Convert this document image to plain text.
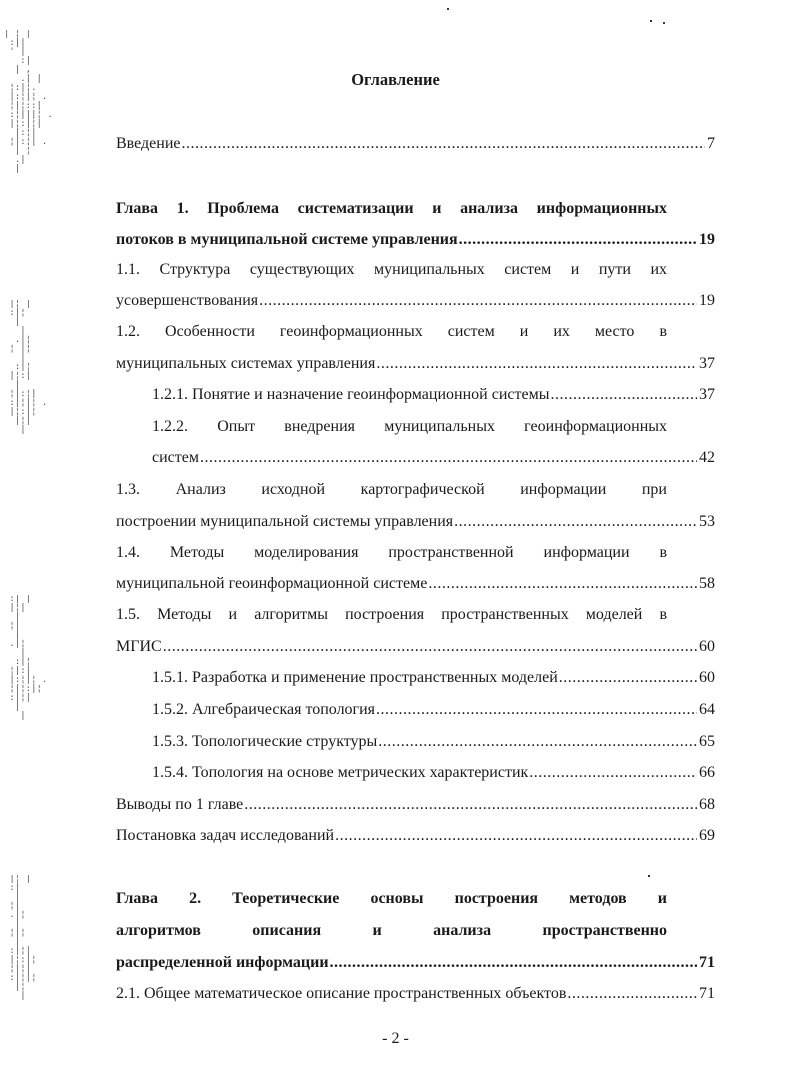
| ¦ |
:||
' |
:|
| ,
.| |
¦:|¦.
|:¦|¦ .
¦|¦::|
:¦|||¦ .
|¦:|¦|
|:¦|
¦|:¦| .
| ¦
.|
|
|¦ |
:|¦
|
|
.|¦
¦ |¦
|
:|¦
|¦:|
|
¦|:¦|
:|¦|¦ .
|¦:|¦
|¦|
|
:| |
|¦|
|
¦|
|
.|¦
|
:|¦
¦|:|
|:¦|¦ .
¦|¦:|¦
:|¦|
|
|
|¦ |
:|
|
¦|
.|¦
|
¦|¦
|
:|¦|
|¦:|¦
¦|¦|
:|¦|¦
|¦
|
Оглавление
Введение .....	7
Глава 1. Проблема систематизации и анализа информационных
потоков в муниципальной системе управления .....	19
1.1. Структура существующих муниципальных систем и пути их
усовершенствования .....	19
1.2. Особенности геоинформационных систем и их место в
муниципальных системах управления .....	37
1.2.1. Понятие и назначение геоинформационной системы .....	37
1.2.2. Опыт внедрения муниципальных геоинформационных
систем .....	42
1.3. Анализ исходной картографической информации при
построении муниципальной системы управления .....	53
1.4. Методы моделирования пространственной информации в
муниципальной геоинформационной системе .....	58
1.5. Методы и алгоритмы построения пространственных моделей в
МГИС .....	60
1.5.1. Разработка и применение пространственных моделей .....	60
1.5.2. Алгебраическая топология .....	64
1.5.3. Топологические структуры .....	65
1.5.4. Топология на основе метрических характеристик .....	66
Выводы по 1 главе .....	68
Постановка задач исследований .....	69
Глава 2. Теоретические основы построения методов и
алгоритмов описания и анализа пространственно
распределенной информации .....	71
2.1. Общее математическое описание пространственных объектов .....	71
- 2 -
